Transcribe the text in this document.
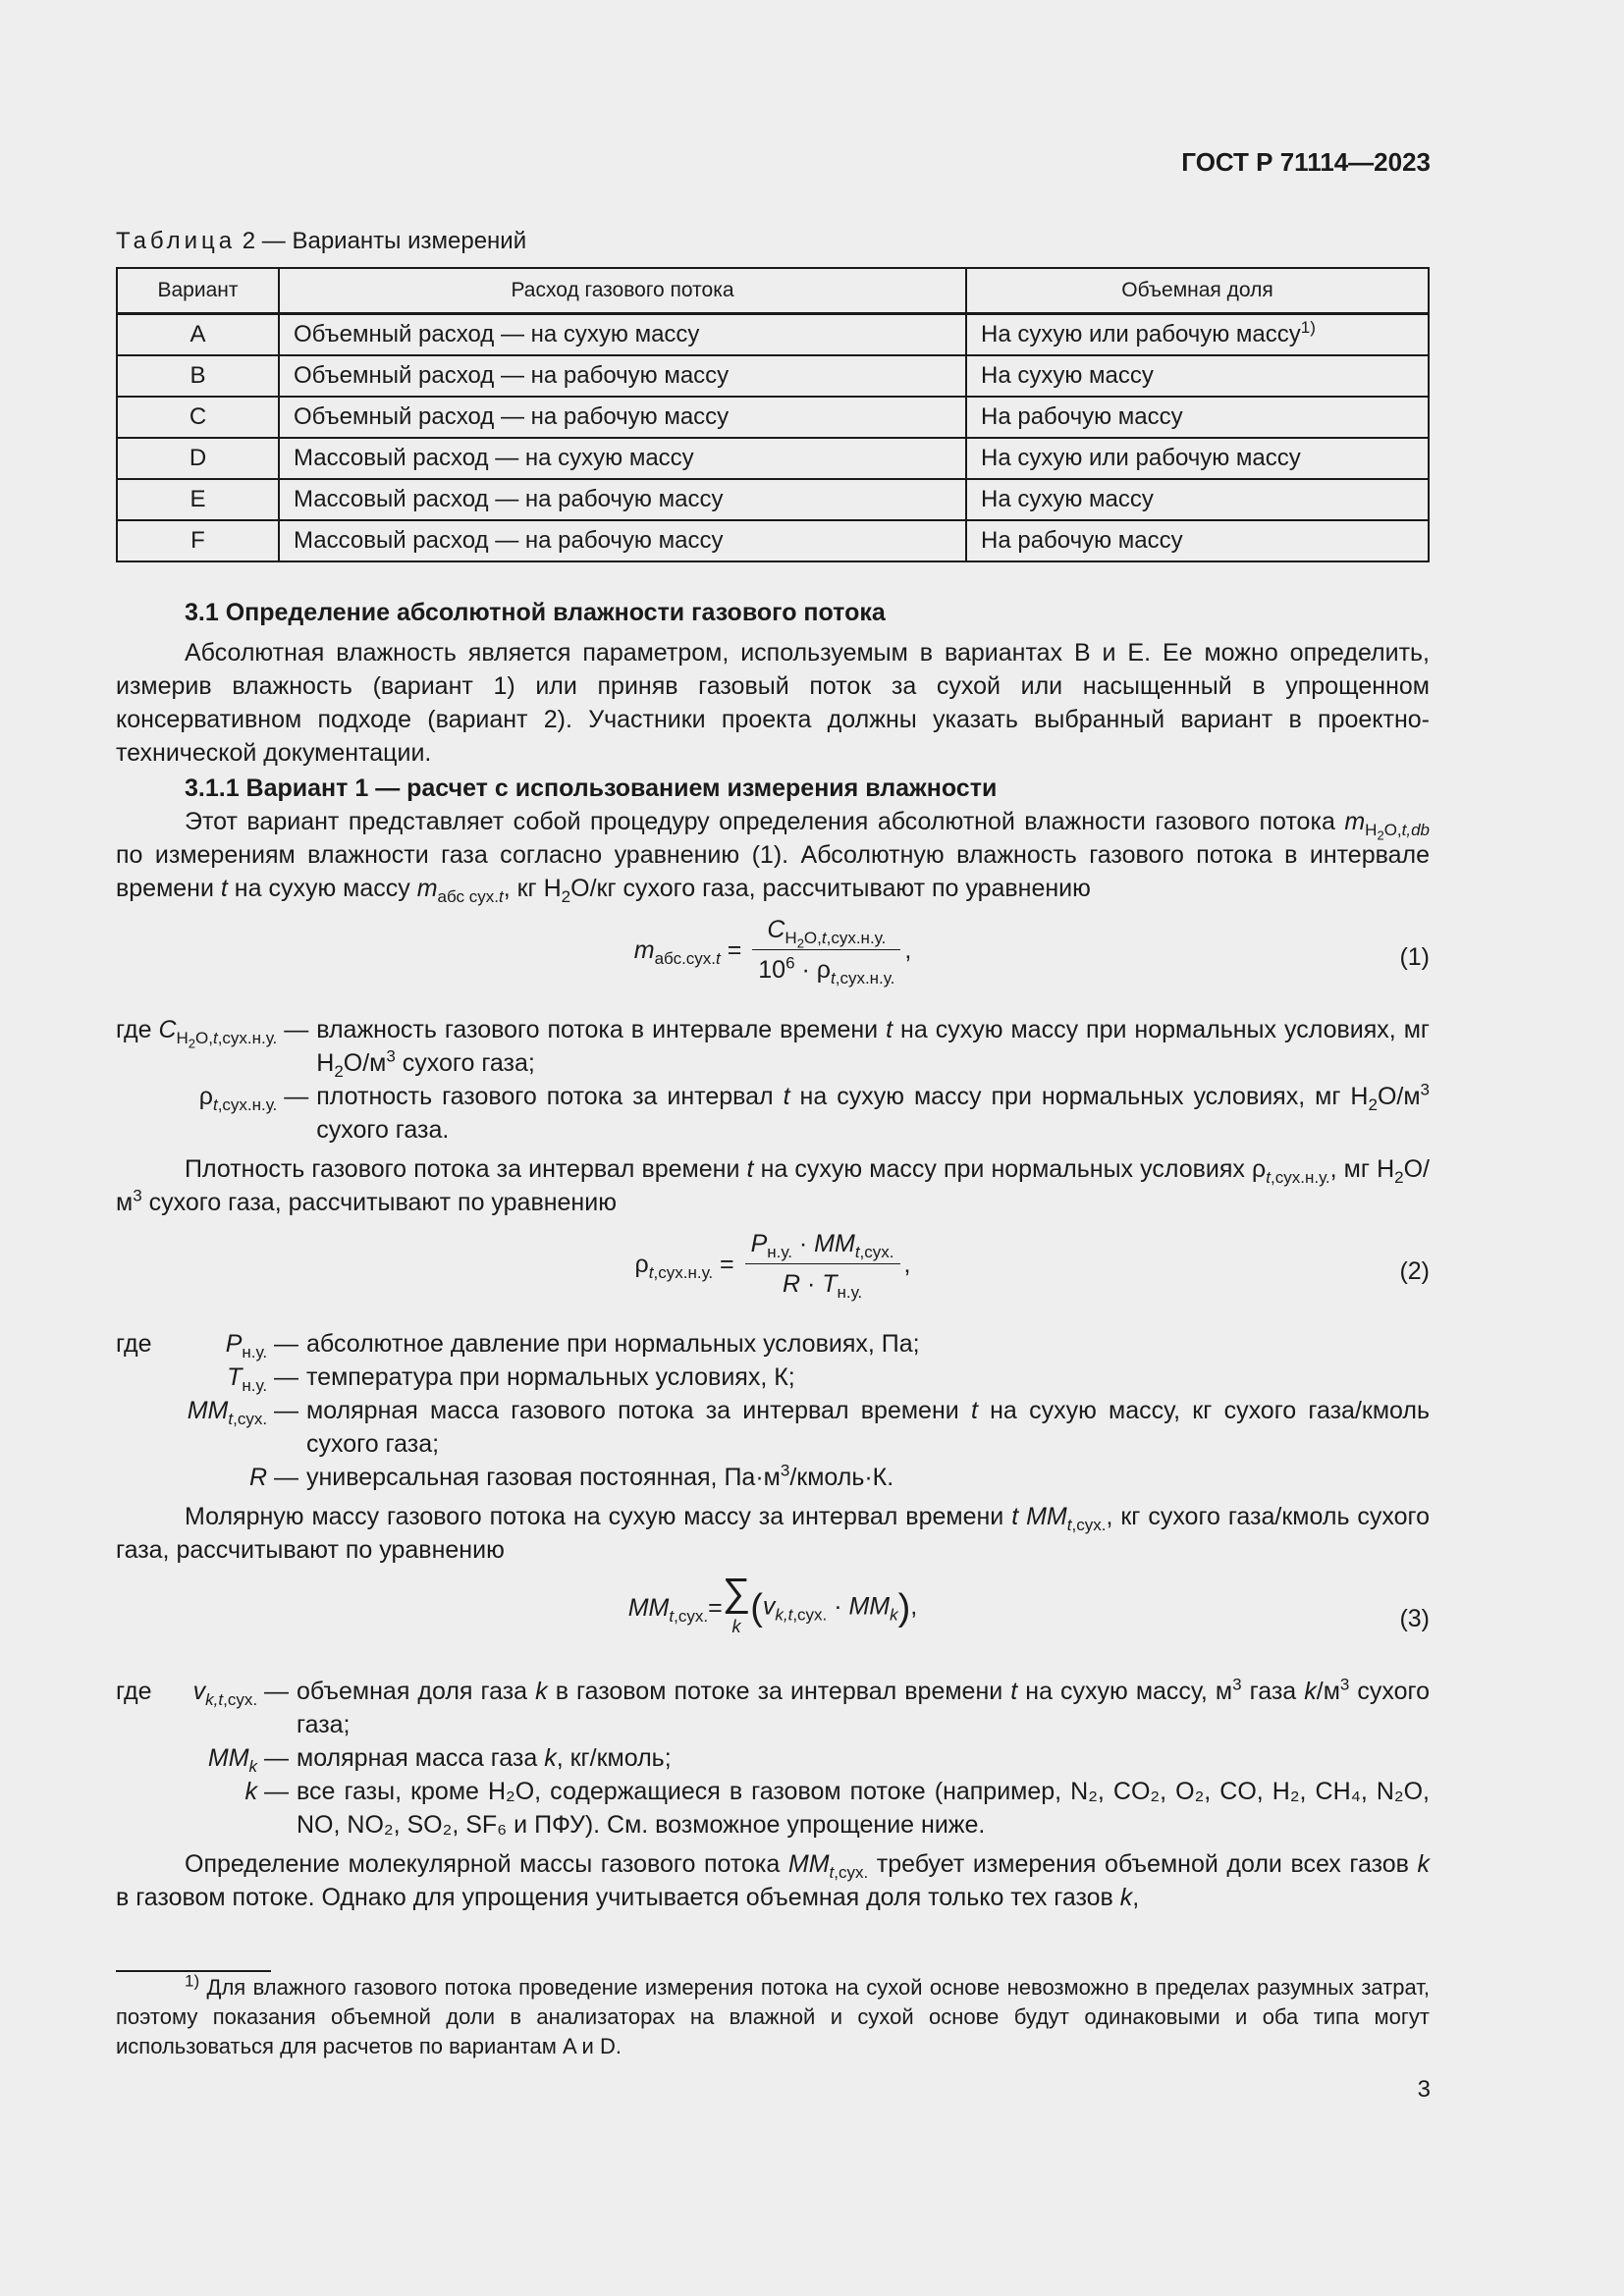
ГОСТ Р 71114—2023
Таблица 2 — Варианты измерений
Вариант	Расход газового потока	Объемная доля
A	Объемный расход — на сухую массу	На сухую или рабочую массу$^{1)}$
B	Объемный расход — на рабочую массу	На сухую массу
C	Объемный расход — на рабочую массу	На рабочую массу
D	Массовый расход — на сухую массу	На сухую или рабочую массу
E	Массовый расход — на рабочую массу	На сухую массу
F	Массовый расход — на рабочую массу	На рабочую массу
3.1 Определение абсолютной влажности газового потока

Абсолютная влажность является параметром, используемым в вариантах B и E. Ее можно определить, измерив влажность (вариант 1) или приняв газовый поток за сухой или насыщенный в упрощенном консервативном подходе (вариант 2). Участники проекта должны указать выбранный вариант в проектно-технической документации.

3.1.1 Вариант 1 — расчет с использованием измерения влажности

Этот вариант представляет собой процедуру определения абсолютной влажности газового потока $m_{H_2O,t,db}$ по измерениям влажности газа согласно уравнению (1). Абсолютную влажность газового потока в интервале времени t на сухую массу $m_{абс сух.t}$, кг $H_2O/кг$ сухого газа, рассчитывают по уравнению

$m_{абс.сух.t} = \frac{C_{H_2O,t,сух.н.у.}}{10^6 \cdot \rho_{t,сух.н.у.}}$ ,	(1)
где $C_{H_2O,t,сух.н.у.}$ —	влажность газового потока в интервале времени t на сухую массу при нормальных условиях, мг $H_2O/м^3$ сухого газа;
$\rho_{t,сух.н.у.}$ —	плотность газового потока за интервал t на сухую массу при нормальных условиях, мг $H_2O/м^3$ сухого газа.

Плотность газового потока за интервал времени t на сухую массу при нормальных условиях $\rho_{t,сух.н.у.}$, мг $H_2O/м^3$ сухого газа, рассчитывают по уравнению

$\rho_{t,сух.н.у.} = \frac{P_{н.у.} \cdot MM_{t,сух.}}{R \cdot T_{н.у.}}$ ,	(2)
где	$P_{н.у.}$ —	абсолютное давление при нормальных условиях, Па;
$T_{н.у.}$ —	температура при нормальных условиях, К;
$MM_{t,сух.}$ —	молярная масса газового потока за интервал времени t на сухую массу, кг сухого газа/кмоль сухого газа;
R —	универсальная газовая постоянная, $Па\cdot м^3/кмоль\cdot К$.

Молярную массу газового потока на сухую массу за интервал времени t $MM_{t,сух.}$, кг сухого газа/кмоль сухого газа, рассчитывают по уравнению

$MM_{t,сух.}=\sum$
k $(v_{k,t,сух.} \cdot MM_k)$,	(3)
где $v_{k,t,сух.}$ —	объемная доля газа k в газовом потоке за интервал времени t на сухую массу, $м^3$ газа $k/м^3$ сухого газа;
$MM_k$ —	молярная масса газа k, кг/кмоль;
k —	все газы, кроме H₂O, содержащиеся в газовом потоке (например, N₂, CO₂, O₂, CO, H₂, CH₄, N₂O, NO, NO₂, SO₂, SF₆ и ПФУ). См. возможное упрощение ниже.

Определение молекулярной массы газового потока $MM_{t,сух.}$ требует измерения объемной доли всех газов k в газовом потоке. Однако для упрощения учитывается объемная доля только тех газов k,

$^{1)}$ Для влажного газового потока проведение измерения потока на сухой основе невозможно в пределах разумных затрат, поэтому показания объемной доли в анализаторах на влажной и сухой основе будут одинаковыми и оба типа могут использоваться для расчетов по вариантам A и D.
3
